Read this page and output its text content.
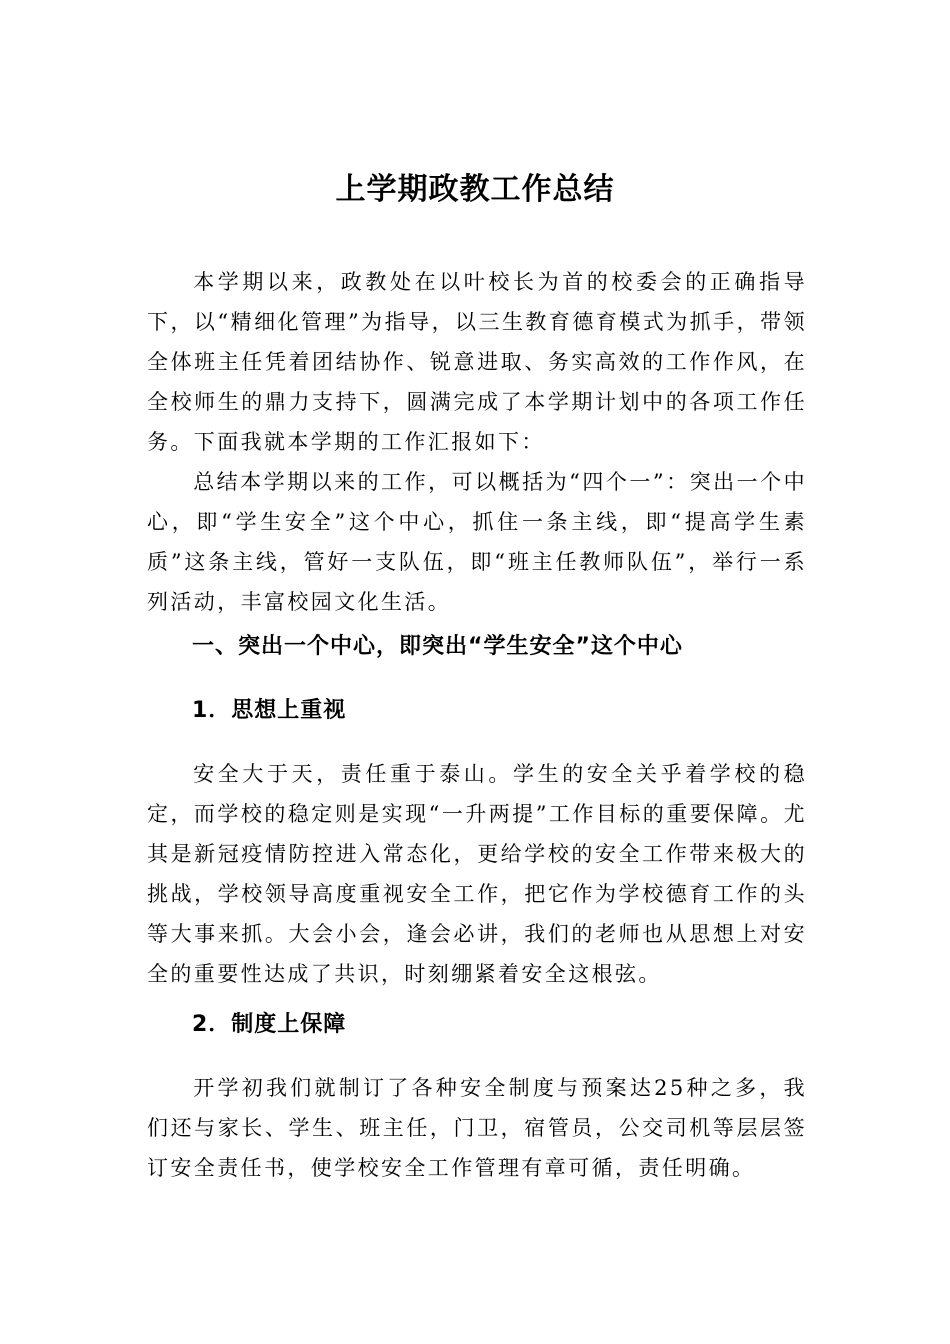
上学期政教工作总结

本学期以来，政教处在以叶校长为首的校委会的正确指导下，以“精细化管理”为指导，以三生教育德育模式为抓手，带领全体班主任凭着团结协作、锐意进取、务实高效的工作作风，在全校师生的鼎力支持下，圆满完成了本学期计划中的各项工作任务。下面我就本学期的工作汇报如下：

总结本学期以来的工作，可以概括为“四个一”：突出一个中心，即“学生安全”这个中心，抓住一条主线，即“提高学生素质”这条主线，管好一支队伍，即“班主任教师队伍”，举行一系列活动，丰富校园文化生活。

一、突出一个中心，即突出“学生安全”这个中心
1．思想上重视

安全大于天，责任重于泰山。学生的安全关乎着学校的稳定，而学校的稳定则是实现“一升两提”工作目标的重要保障。尤其是新冠疫情防控进入常态化，更给学校的安全工作带来极大的挑战，学校领导高度重视安全工作，把它作为学校德育工作的头等大事来抓。大会小会，逢会必讲，我们的老师也从思想上对安全的重要性达成了共识，时刻绷紧着安全这根弦。

2．制度上保障

开学初我们就制订了各种安全制度与预案达25种之多，我们还与家长、学生、班主任，门卫，宿管员，公交司机等层层签订安全责任书，使学校安全工作管理有章可循，责任明确。
